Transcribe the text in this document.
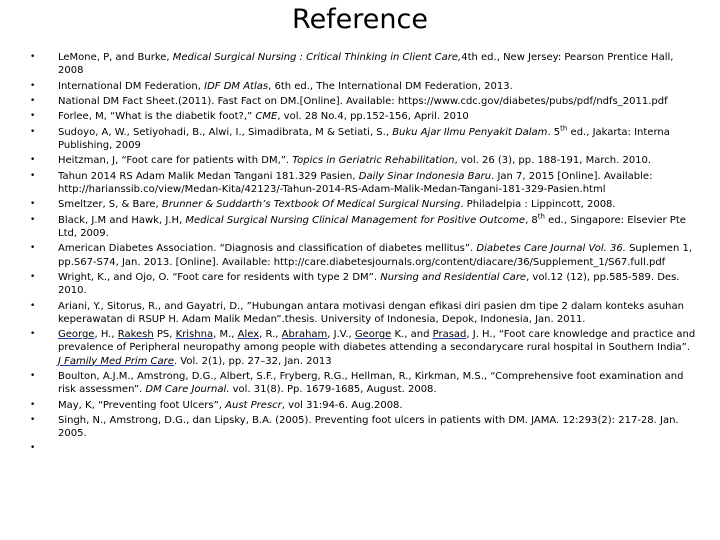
Reference
•	LeMone, P, and Burke, Medical Surgical Nursing : Critical Thinking in Client Care,4th ed., New Jersey: Pearson Prentice Hall, 2008
•	International DM Federation, IDF DM Atlas, 6th ed., The International DM Federation, 2013.
•	National DM Fact Sheet.(2011). Fast Fact on DM.[Online]. Available: https://www.cdc.gov/diabetes/pubs/pdf/ndfs_2011.pdf
•	Forlee, M, “What is the diabetik foot?,” CME, vol. 28 No.4, pp.152-156, April. 2010
•	Sudoyo, A, W., Setiyohadi, B., Alwi, I., Simadibrata, M & Setiati, S., Buku Ajar Ilmu Penyakit Dalam. 5th ed., Jakarta: Interna Publishing, 2009
•	Heitzman, J, “Foot care for patients with DM,”. Topics in Geriatric Rehabilitation, vol. 26 (3), pp. 188-191, March. 2010.
•	Tahun 2014 RS Adam Malik Medan Tangani 181.329 Pasien, Daily Sinar Indonesia Baru. Jan 7, 2015 [Online]. Available: http://harianssib.co/view/Medan-Kita/42123/-Tahun-2014-RS-Adam-Malik-Medan-Tangani-181-329-Pasien.html
•	Smeltzer, S, & Bare, Brunner & Suddarth’s Textbook Of Medical Surgical Nursing. Philadelpia : Lippincott, 2008.
•	Black, J.M and Hawk, J.H, Medical Surgical Nursing Clinical Management for Positive Outcome, 8th ed., Singapore: Elsevier Pte Ltd, 2009.
•	American Diabetes Association. “Diagnosis and classification of diabetes mellitus”. Diabetes Care Journal Vol. 36. Suplemen 1, pp.S67-S74, Jan. 2013. [Online]. Available: http://care.diabetesjournals.org/content/diacare/36/Supplement_1/S67.full.pdf
•	Wright, K., and Ojo, O. “Foot care for residents with type 2 DM”. Nursing and Residential Care, vol.12 (12), pp.585-589. Des. 2010.
•	Ariani, Y., Sitorus, R., and Gayatri, D., ”Hubungan antara motivasi dengan efikasi diri pasien dm tipe 2 dalam konteks asuhan keperawatan di RSUP H. Adam Malik Medan”.thesis. University of Indonesia, Depok, Indonesia, Jan. 2011.
•	George, H., Rakesh PS, Krishna, M., Alex, R., Abraham, J.V., George K., and Prasad, J. H., “Foot care knowledge and practice and prevalence of Peripheral neuropathy among people with diabetes attending a secondarycare rural hospital in Southern India”. J Family Med Prim Care. Vol. 2(1), pp. 27–32, Jan. 2013
•	Boulton, A.J.M., Amstrong, D.G., Albert, S.F., Fryberg, R.G., Hellman, R., Kirkman, M.S., “Comprehensive foot examination and risk assessmen”. DM Care Journal. vol. 31(8). Pp. 1679-1685, August. 2008.
•	May, K, “Preventing foot Ulcers”, Aust Prescr, vol 31:94-6. Aug.2008.
•	Singh, N., Amstrong, D.G., dan Lipsky, B.A. (2005). Preventing foot ulcers in patients with DM. JAMA. 12:293(2): 217-28. Jan. 2005.
•
